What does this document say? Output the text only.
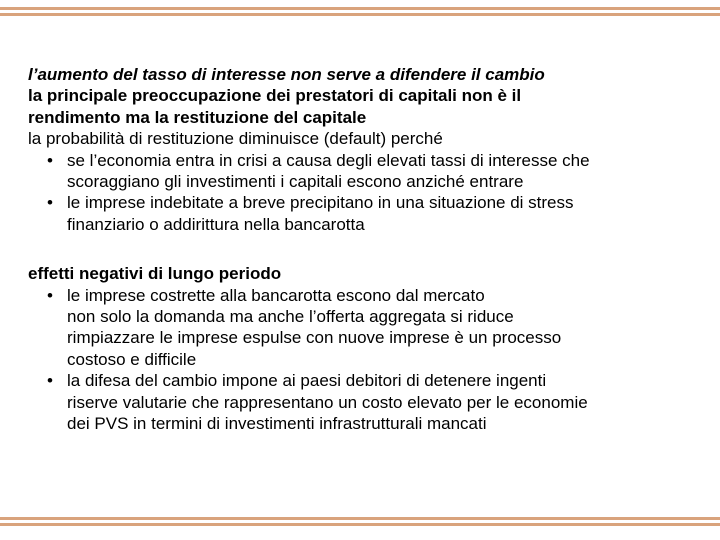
l’aumento del tasso di interesse non serve a difendere il cambio
la principale preoccupazione dei prestatori di capitali non è il
rendimento ma la restituzione del capitale
la probabilità di restituzione diminuisce (default) perché
• se l’economia entra in crisi a causa degli elevati tassi di interesse che
scoraggiano gli investimenti i capitali escono anziché entrare
• le imprese indebitate a breve precipitano in una situazione di stress
finanziario o addirittura nella bancarotta
effetti negativi di lungo periodo
• le imprese costrette alla bancarotta escono dal mercato
non solo la domanda ma anche l’offerta aggregata si riduce
rimpiazzare le imprese espulse con nuove imprese è un processo
costoso e difficile
• la difesa del cambio impone ai paesi debitori di detenere ingenti
riserve valutarie che rappresentano un costo elevato per le economie
dei PVS in termini di investimenti infrastrutturali mancati
